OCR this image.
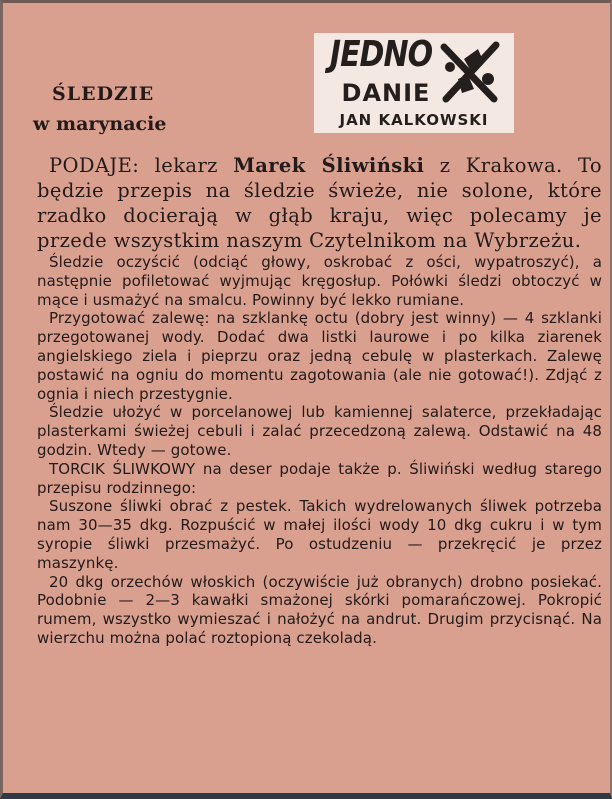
ŚLEDZIE
w marynacie
JEDNO
DANIE
JAN KALKOWSKI
PODAJE: lekarz Marek Śliwiński z Krakowa. To będzie przepis na śledzie świeże, nie solone, które rzadko docierają w głąb kraju, więc polecamy je przede wszystkim naszym Czytelnikom na Wybrzeżu.

Śledzie oczyścić (odciąć głowy, oskrobać z ości, wypatroszyć), a następnie pofiletować wyjmując kręgosłup. Połówki śledzi obtoczyć w mące i usmażyć na smalcu. Powinny być lekko rumiane.

Przygotować zalewę: na szklankę octu (dobry jest winny) — 4 szklanki przegotowanej wody. Dodać dwa listki laurowe i po kilka ziarenek angielskiego ziela i pieprzu oraz jedną cebulę w plasterkach. Zalewę postawić na ogniu do momentu zagotowania (ale nie gotować!). Zdjąć z ognia i niech przestygnie.

Śledzie ułożyć w porcelanowej lub kamiennej salaterce, przekładając plasterkami świeżej cebuli i zalać przecedzoną zalewą. Odstawić na 48 godzin. Wtedy — gotowe.

TORCIK ŚLIWKOWY na deser podaje także p. Śliwiński według starego przepisu rodzinnego:

Suszone śliwki obrać z pestek. Takich wydrelowanych śliwek potrzeba nam 30—35 dkg. Rozpuścić w małej ilości wody 10 dkg cukru i w tym syropie śliwki przesmażyć. Po ostudzeniu — przekręcić je przez maszynkę.

20 dkg orzechów włoskich (oczywiście już obranych) drobno posiekać. Podobnie — 2—3 kawałki smażonej skórki pomarańczowej. Pokropić rumem, wszystko wymieszać i nałożyć na andrut. Drugim przycisnąć. Na wierzchu można polać roztopioną czekoladą.
